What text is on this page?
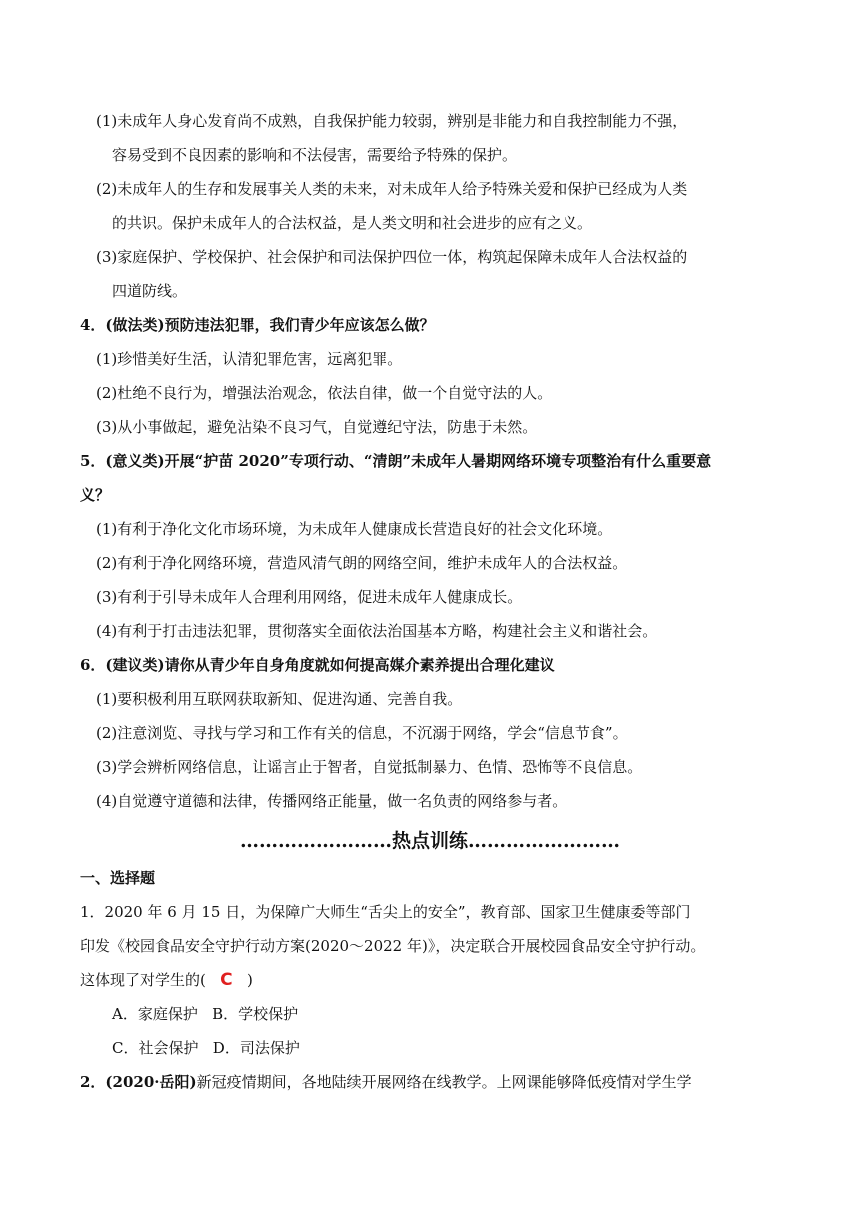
(1)未成年人身心发育尚不成熟，自我保护能力较弱，辨别是非能力和自我控制能力不强，
容易受到不良因素的影响和不法侵害，需要给予特殊的保护。
(2)未成年人的生存和发展事关人类的未来，对未成年人给予特殊关爱和保护已经成为人类
的共识。保护未成年人的合法权益，是人类文明和社会进步的应有之义。
(3)家庭保护、学校保护、社会保护和司法保护四位一体，构筑起保障未成年人合法权益的
四道防线。
4．(做法类)预防违法犯罪，我们青少年应该怎么做？
(1)珍惜美好生活，认清犯罪危害，远离犯罪。
(2)杜绝不良行为，增强法治观念，依法自律，做一个自觉守法的人。
(3)从小事做起，避免沾染不良习气，自觉遵纪守法，防患于未然。
5．(意义类)开展“护苗 2020”专项行动、“清朗”未成年人暑期网络环境专项整治有什么重要意
义？
(1)有利于净化文化市场环境，为未成年人健康成长营造良好的社会文化环境。
(2)有利于净化网络环境，营造风清气朗的网络空间，维护未成年人的合法权益。
(3)有利于引导未成年人合理利用网络，促进未成年人健康成长。
(4)有利于打击违法犯罪，贯彻落实全面依法治国基本方略，构建社会主义和谐社会。
6．(建议类)请你从青少年自身角度就如何提高媒介素养提出合理化建议
(1)要积极利用互联网获取新知、促进沟通、完善自我。
(2)注意浏览、寻找与学习和工作有关的信息，不沉溺于网络，学会“信息节食”。
(3)学会辨析网络信息，让谣言止于智者，自觉抵制暴力、色情、恐怖等不良信息。
(4)自觉遵守道德和法律，传播网络正能量，做一名负责的网络参与者。
……………………热点训练……………………
一、选择题
1．2020 年 6 月 15 日，为保障广大师生“舌尖上的安全”，教育部、国家卫生健康委等部门
印发《校园食品安全守护行动方案(2020～2022 年)》，决定联合开展校园食品安全守护行动。
这体现了对学生的( C )
A．家庭保护 B．学校保护
C．社会保护 D．司法保护
2．(2020·岳阳)新冠疫情期间，各地陆续开展网络在线教学。上网课能够降低疫情对学生学
